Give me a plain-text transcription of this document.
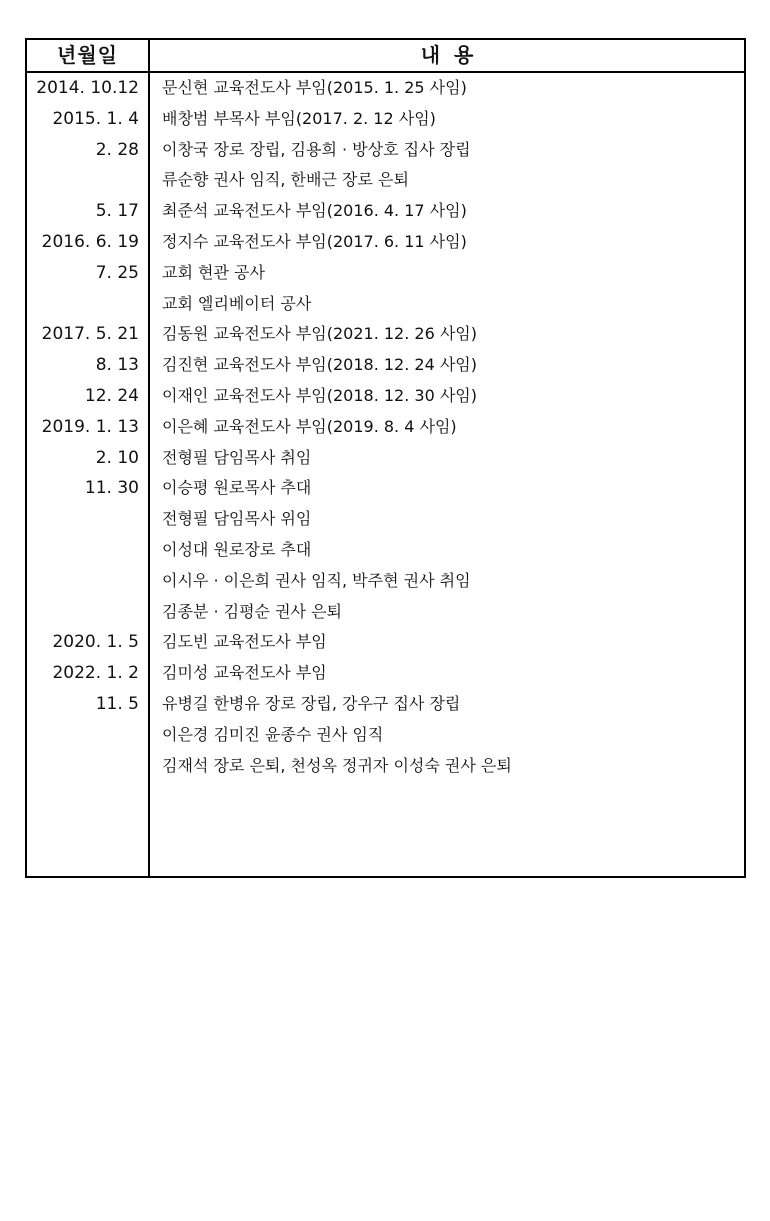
년월일	내  용
2014. 10.12 문신현 교육전도사 부임(2015. 1. 25 사임)
2015. 1. 4 배창범 부목사 부임(2017. 2. 12 사임)
2. 28 이창국 장로 장립, 김용희 · 방상호 집사 장립
류순향 권사 임직, 한배근 장로 은퇴
5. 17 최준석 교육전도사 부임(2016. 4. 17 사임)
2016. 6. 19 정지수 교육전도사 부임(2017. 6. 11 사임)
7. 25 교회 현관 공사
교회 엘리베이터 공사
2017. 5. 21 김동원 교육전도사 부임(2021. 12. 26 사임)
8. 13 김진현 교육전도사 부임(2018. 12. 24 사임)
12. 24 이재인 교육전도사 부임(2018. 12. 30 사임)
2019. 1. 13 이은혜 교육전도사 부임(2019. 8. 4 사임)
2. 10 전형필 담임목사 취임
11. 30 이승평 원로목사 추대
전형필 담임목사 위임
이성대 원로장로 추대
이시우 · 이은희 권사 임직, 박주현 권사 취임
김종분 · 김평순 권사 은퇴
2020. 1. 5 김도빈 교육전도사 부임
2022. 1. 2 김미성 교육전도사 부임
11. 5 유병길 한병유 장로 장립, 강우구 집사 장립
이은경 김미진 윤종수 권사 임직
김재석 장로 은퇴, 천성옥 정귀자 이성숙 권사 은퇴
